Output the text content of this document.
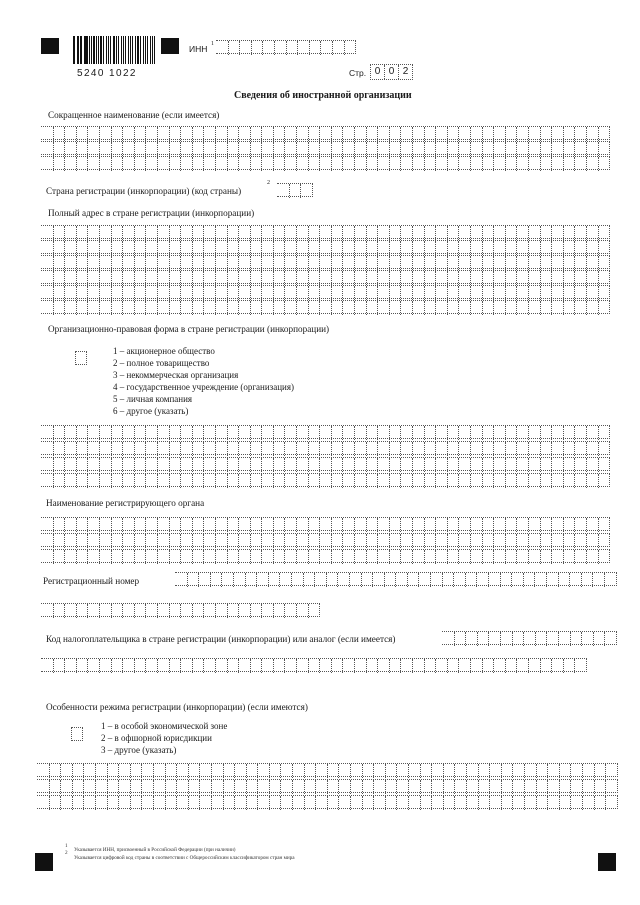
5240 1022
ИНН 1
Стр. 0 0 2
Сведения об иностранной организации
Сокращенное наименование (если имеется)
Страна регистрации (инкорпорации) (код страны)
2
Полный адрес в стране регистрации (инкорпорации)
Организационно-правовая форма в стране регистрации (инкорпорации)
1 – акционерное общество
2 – полное товарищество
3 – некоммерческая организация
4 – государственное учреждение (организация)
5 – личная компания
6 – другое (указать)
Наименование регистрирующего органа
Регистрационный номер
Код налогоплательщика в стране регистрации (инкорпорации) или аналог (если имеется)
Особенности режима регистрации (инкорпорации) (если имеются)
1 – в особой экономической зоне
2 – в офшорной юрисдикции
3 – другое (указать)
1
2 Указывается ИНН, присвоенный в Российской Федерации (при наличии)
Указывается цифровой код страны в соответствии с Общероссийским классификатором стран мира
